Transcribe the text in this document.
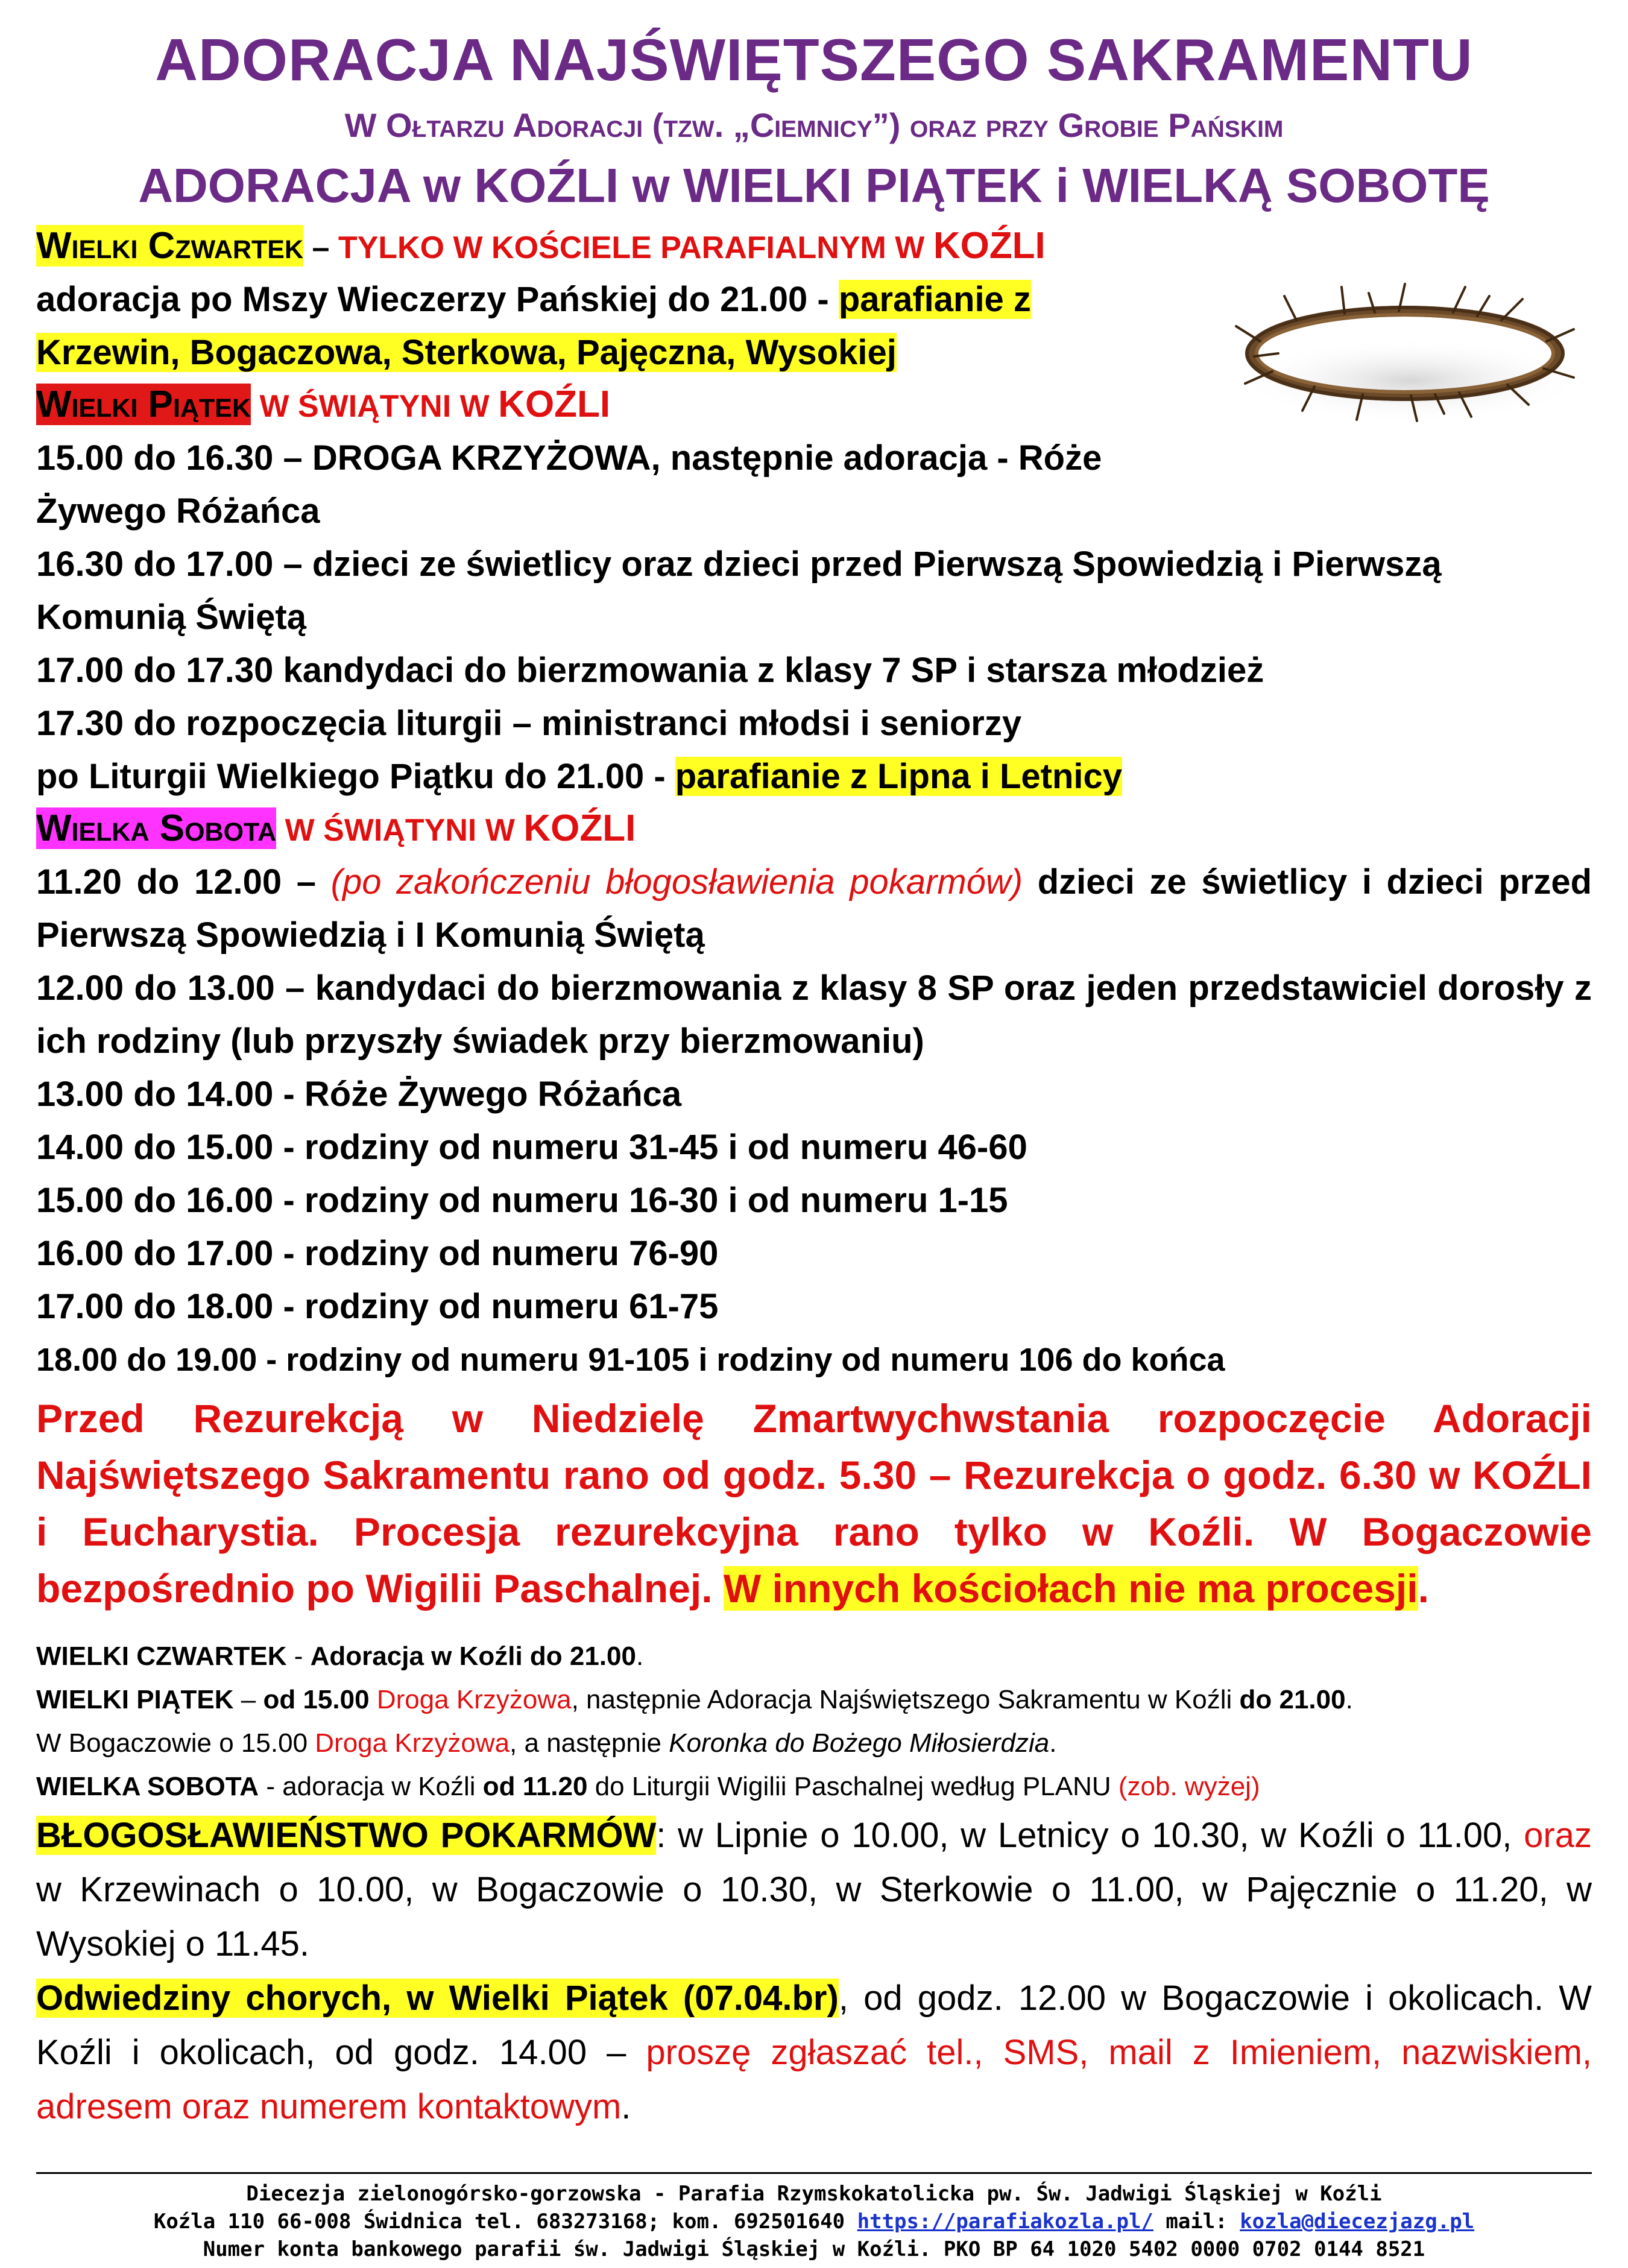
ADORACJA NAJŚWIĘTSZEGO SAKRAMENTU

W Ołtarzu Adoracji (tzw. „Ciemnicy”) oraz przy Grobie Pańskim

ADORACJA w KOŹLI w WIELKI PIĄTEK i WIELKĄ SOBOTĘ

Wielki Czwartek – TYLKO W KOŚCIELE PARAFIALNYM W KOŹLI

adoracja po Mszy Wieczerzy Pańskiej do 21.00 - parafianie z

Krzewin, Bogaczowa, Sterkowa, Pajęczna, Wysokiej

Wielki Piątek W ŚWIĄTYNI W KOŹLI

15.00 do 16.30 – DROGA KRZYŻOWA, następnie adoracja - Róże Żywego Różańca

16.30 do 17.00 – dzieci ze świetlicy oraz dzieci przed Pierwszą Spowiedzią i Pierwszą Komunią Świętą

17.00 do 17.30 kandydaci do bierzmowania z klasy 7 SP i starsza młodzież

17.30 do rozpoczęcia liturgii – ministranci młodsi i seniorzy

po Liturgii Wielkiego Piątku do 21.00 - parafianie z Lipna i Letnicy

Wielka Sobota W ŚWIĄTYNI W KOŹLI

11.20 do 12.00 – (po zakończeniu błogosławienia pokarmów) dzieci ze świetlicy i dzieci przed Pierwszą Spowiedzią i I Komunią Świętą

12.00 do 13.00 – kandydaci do bierzmowania z klasy 8 SP oraz jeden przedstawiciel dorosły z ich rodziny (lub przyszły świadek przy bierzmowaniu)

13.00 do 14.00 - Róże Żywego Różańca

14.00 do 15.00 - rodziny od numeru 31-45 i od numeru 46-60

15.00 do 16.00 - rodziny od numeru 16-30 i od numeru 1-15

16.00 do 17.00 - rodziny od numeru 76-90

17.00 do 18.00 - rodziny od numeru 61-75

18.00 do 19.00 - rodziny od numeru 91-105 i rodziny od numeru 106 do końca

Przed Rezurekcją w Niedzielę Zmartwychwstania rozpoczęcie Adoracji Najświętszego Sakramentu rano od godz. 5.30 – Rezurekcja o godz. 6.30 w KOŹLI i Eucharystia. Procesja rezurekcyjna rano tylko w Koźli. W Bogaczowie bezpośrednio po Wigilii Paschalnej. W innych kościołach nie ma procesji.

WIELKI CZWARTEK - Adoracja w Koźli do 21.00.

WIELKI PIĄTEK – od 15.00 Droga Krzyżowa, następnie Adoracja Najświętszego Sakramentu w Koźli do 21.00.

W Bogaczowie o 15.00 Droga Krzyżowa, a następnie Koronka do Bożego Miłosierdzia.

WIELKA SOBOTA - adoracja w Koźli od 11.20 do Liturgii Wigilii Paschalnej według PLANU (zob. wyżej)

BŁOGOSŁAWIEŃSTWO POKARMÓW: w Lipnie o 10.00, w Letnicy o 10.30, w Koźli o 11.00, oraz w Krzewinach o 10.00, w Bogaczowie o 10.30, w Sterkowie o 11.00, w Pajęcznie o 11.20, w Wysokiej o 11.45.

Odwiedziny chorych, w Wielki Piątek (07.04.br), od godz. 12.00 w Bogaczowie i okolicach. W Koźli i okolicach, od godz. 14.00 – proszę zgłaszać tel., SMS, mail z Imieniem, nazwiskiem, adresem oraz numerem kontaktowym.

Diecezja zielonogórsko-gorzowska - Parafia Rzymskokatolicka pw. Św. Jadwigi Śląskiej w Koźli
Koźla 110 66-008 Świdnica tel. 683273168; kom. 692501640 https://parafiakozla.pl/ mail: kozla@diecezjazg.pl
Numer konta bankowego parafii św. Jadwigi Śląskiej w Koźli. PKO BP 64 1020 5402 0000 0702 0144 8521
